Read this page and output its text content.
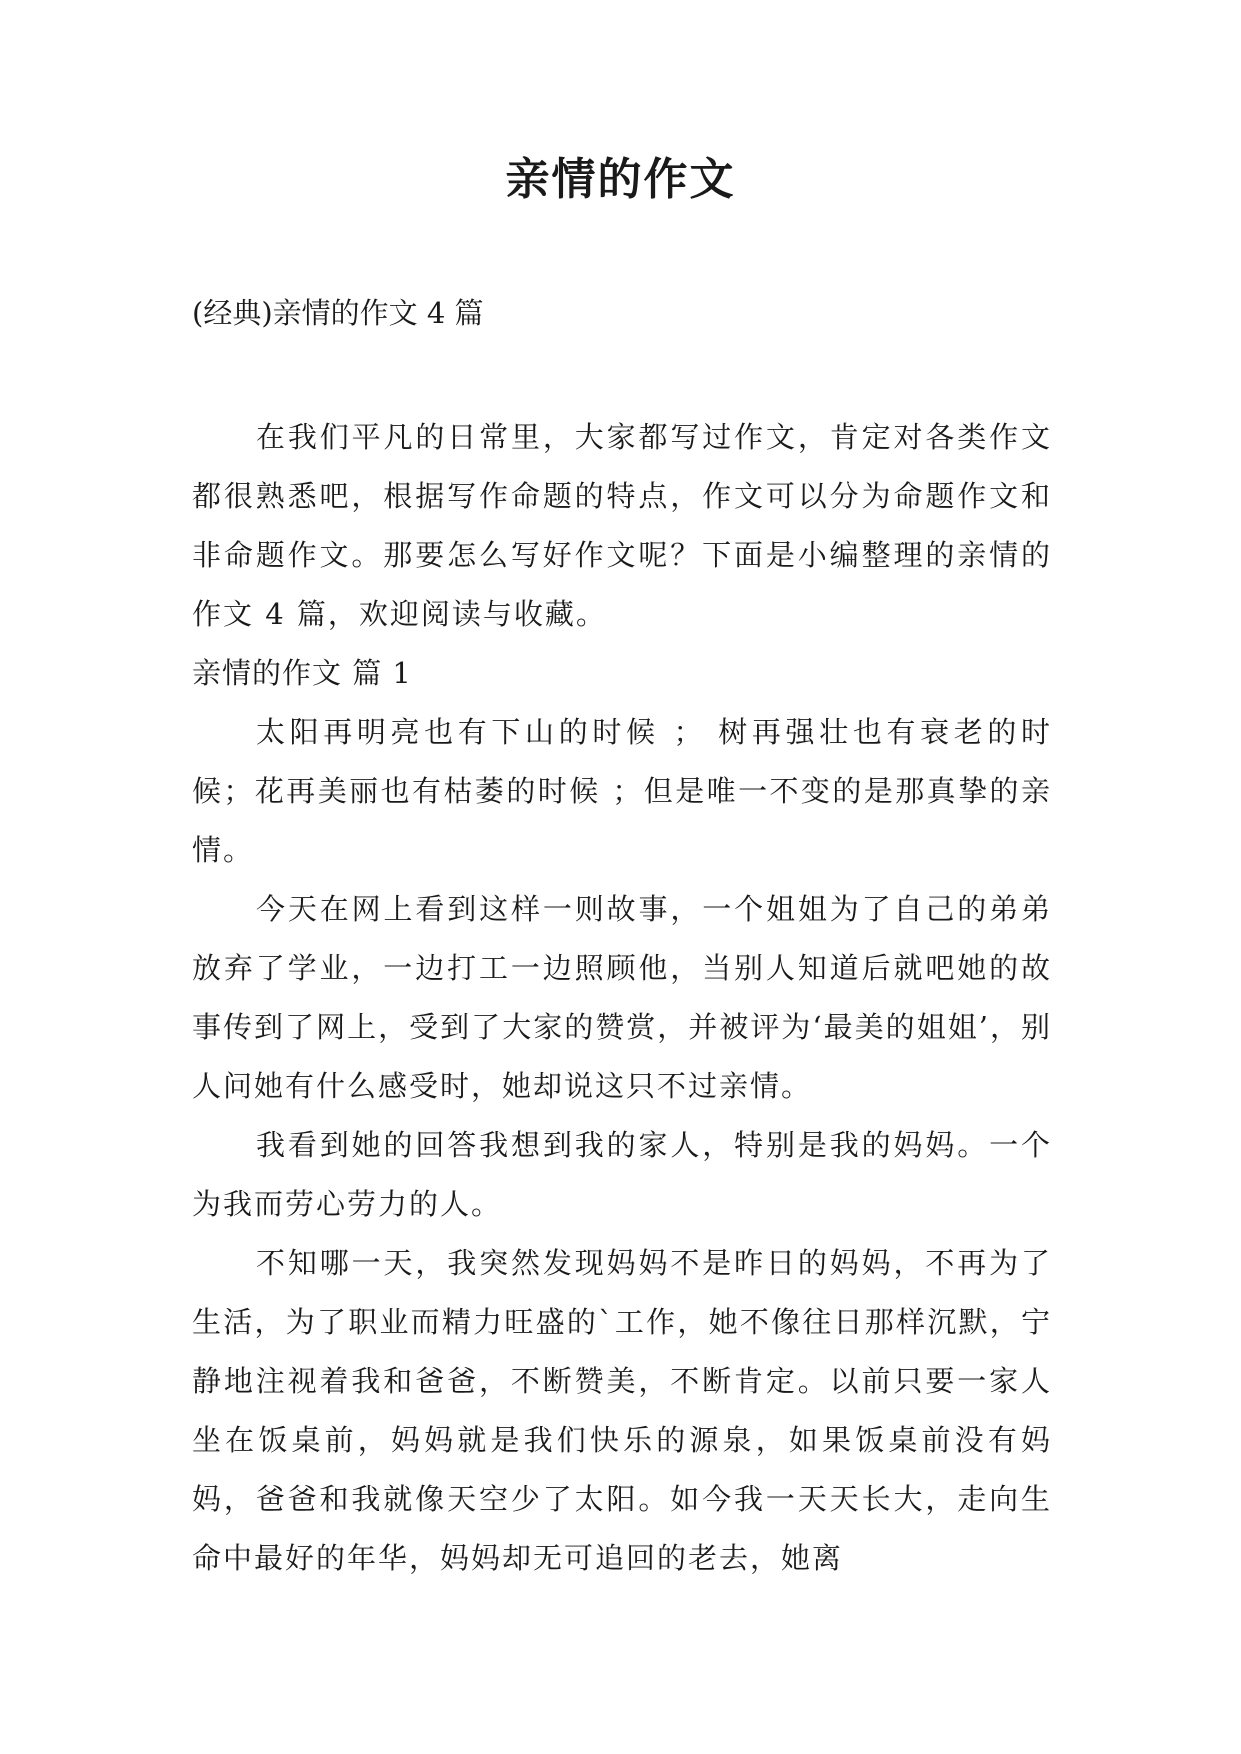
亲情的作文

(经典)亲情的作文 4 篇

在我们平凡的日常里，大家都写过作文，肯定对各类作文都很熟悉吧，根据写作命题的特点，作文可以分为命题作文和非命题作文。那要怎么写好作文呢？下面是小编整理的亲情的作文 4 篇，欢迎阅读与收藏。

亲情的作文 篇 1

太阳再明亮也有下山的时候 ； 树再强壮也有衰老的时候；花再美丽也有枯萎的时候 ；但是唯一不变的是那真挚的亲情。

今天在网上看到这样一则故事，一个姐姐为了自己的弟弟放弃了学业，一边打工一边照顾他，当别人知道后就吧她的故事传到了网上，受到了大家的赞赏，并被评为‘最美的姐姐’，别人问她有什么感受时，她却说这只不过亲情。

我看到她的回答我想到我的家人，特别是我的妈妈。一个为我而劳心劳力的人。

不知哪一天，我突然发现妈妈不是昨日的妈妈，不再为了生活，为了职业而精力旺盛的`工作，她不像往日那样沉默，宁静地注视着我和爸爸，不断赞美，不断肯定。以前只要一家人坐在饭桌前，妈妈就是我们快乐的源泉，如果饭桌前没有妈妈，爸爸和我就像天空少了太阳。如今我一天天长大，走向生命中最好的年华，妈妈却无可追回的老去，她离
